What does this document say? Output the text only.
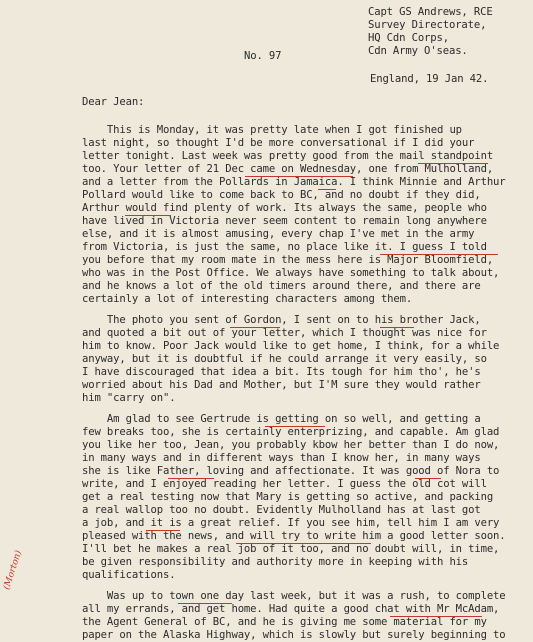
Capt GS Andrews, RCE
Survey Directorate,
HQ Cdn Corps,
Cdn Army O'seas.
No. 97
England, 19 Jan 42.
Dear Jean:
This is Monday, it was pretty late when I got finished up
last night, so thought I'd be more conversational if I did your
letter tonight. Last week was pretty good from the mail standpoint
too. Your letter of 21 Dec came on Wednesday, one from Mulholland,
and a letter from the Pollards in Jamaica. I think Minnie and Arthur
Pollard would like to come back to BC, and no doubt if they did,
Arthur would find plenty of work. Its always the same, people who
have lived in Victoria never seem content to remain long anywhere
else, and it is almost amusing, every chap I've met in the army
from Victoria, is just the same, no place like it. I guess I told
you before that my room mate in the mess here is Major Bloomfield,
who was in the Post Office. We always have something to talk about,
and he knows a lot of the old timers around there, and there are
certainly a lot of interesting characters among them.
The photo you sent of Gordon, I sent on to his brother Jack,
and quoted a bit out of your letter, which I thought was nice for
him to know. Poor Jack would like to get home, I think, for a while
anyway, but it is doubtful if he could arrange it very easily, so
I have discouraged that idea a bit. Its tough for him tho', he's
worried about his Dad and Mother, but I'M sure they would rather
him "carry on".
Am glad to see Gertrude is getting on so well, and getting a
few breaks too, she is certainly enterprizing, and capable. Am glad
you like her too, Jean, you probably kbow her better than I do now,
in many ways and in different ways than I know her, in many ways
she is like Father, loving and affectionate. It was good of Nora to
write, and I enjoyed reading her letter. I guess the old cot will
get a real testing now that Mary is getting so active, and packing
a real wallop too no doubt. Evidently Mulholland has at last got
a job, and it is a great relief. If you see him, tell him I am very
pleased with the news, and will try to write him a good letter soon.
I'll bet he makes a real job of it too, and no doubt will, in time,
be given responsibility and authority more in keeping with his
qualifications.
Was up to town one day last week, but it was a rush, to complete
all my errands, and get home. Had quite a good chat with Mr McAdam,
the Agent General of BC, and he is giving me some material for my
paper on the Alaska Highway, which is slowly but surely beginning to
(Morton)
